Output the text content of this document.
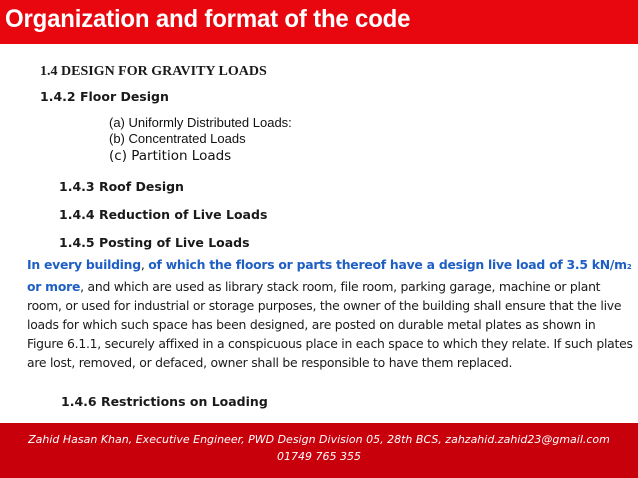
Organization and format of the code
1.4 DESIGN FOR GRAVITY LOADS
1.4.2 Floor Design
(a) Uniformly Distributed Loads:
(b) Concentrated Loads
(c) Partition Loads
1.4.3 Roof Design
1.4.4 Reduction of Live Loads
1.4.5 Posting of Live Loads
In every building, of which the floors or parts thereof have a design live load of 3.5 kN/m2 or more, and which are used as library stack room, file room, parking garage, machine or plant room, or used for industrial or storage purposes, the owner of the building shall ensure that the live loads for which such space has been designed, are posted on durable metal plates as shown in Figure 6.1.1, securely affixed in a conspicuous place in each space to which they relate. If such plates are lost, removed, or defaced, owner shall be responsible to have them replaced.
1.4.6 Restrictions on Loading
Zahid Hasan Khan, Executive Engineer, PWD Design Division 05, 28th BCS, zahzahid.zahid23@gmail.com
01749 765 355
